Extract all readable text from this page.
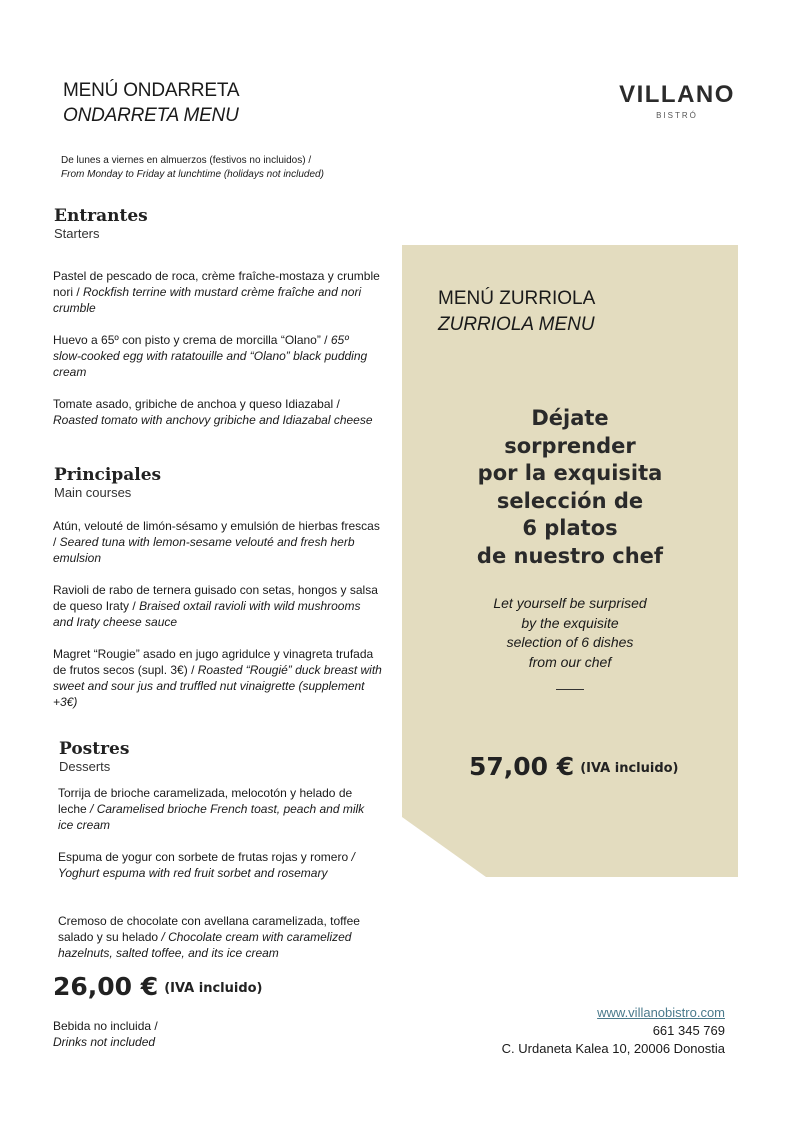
MENÚ ONDARRETA
ONDARRETA MENU
VILLANO
BISTRÓ
De lunes a viernes en almuerzos (festivos no incluidos) /
From Monday to Friday at lunchtime (holidays not included)
Entrantes
Starters
Pastel de pescado de roca, crème fraîche-mostaza y crumble nori / Rockfish terrine with mustard crème fraîche and nori crumble
Huevo a 65º con pisto y crema de morcilla “Olano” / 65º slow-cooked egg with ratatouille and “Olano” black pudding cream
Tomate asado, gribiche de anchoa y queso Idiazabal / Roasted tomato with anchovy gribiche and Idiazabal cheese
Principales
Main courses
Atún, velouté de limón-sésamo y emulsión de hierbas frescas / Seared tuna with lemon-sesame velouté and fresh herb emulsion
Ravioli de rabo de ternera guisado con setas, hongos y salsa de queso Iraty / Braised oxtail ravioli with wild mushrooms and Iraty cheese sauce
Magret “Rougie” asado en jugo agridulce y vinagreta trufada de frutos secos (supl. 3€) / Roasted “Rougié” duck breast with sweet and sour jus and truffled nut vinaigrette (supplement +3€)
Postres
Desserts
Torrija de brioche caramelizada, melocotón y helado de leche / Caramelised brioche French toast, peach and milk ice cream
Espuma de yogur con sorbete de frutas rojas y romero / Yoghurt espuma with red fruit sorbet and rosemary
Cremoso de chocolate con avellana caramelizada, toffee salado y su helado / Chocolate cream with caramelized hazelnuts, salted toffee, and its ice cream
26,00 € (IVA incluido)
Bebida no incluida /
Drinks not included
MENÚ ZURRIOLA
ZURRIOLA MENU
Déjate
sorprender
por la exquisita
selección de
6 platos
de nuestro chef
Let yourself be surprised
by the exquisite
selection of 6 dishes
from our chef
57,00 € (IVA incluido)
www.villanobistro.com
661 345 769
C. Urdaneta Kalea 10, 20006 Donostia
